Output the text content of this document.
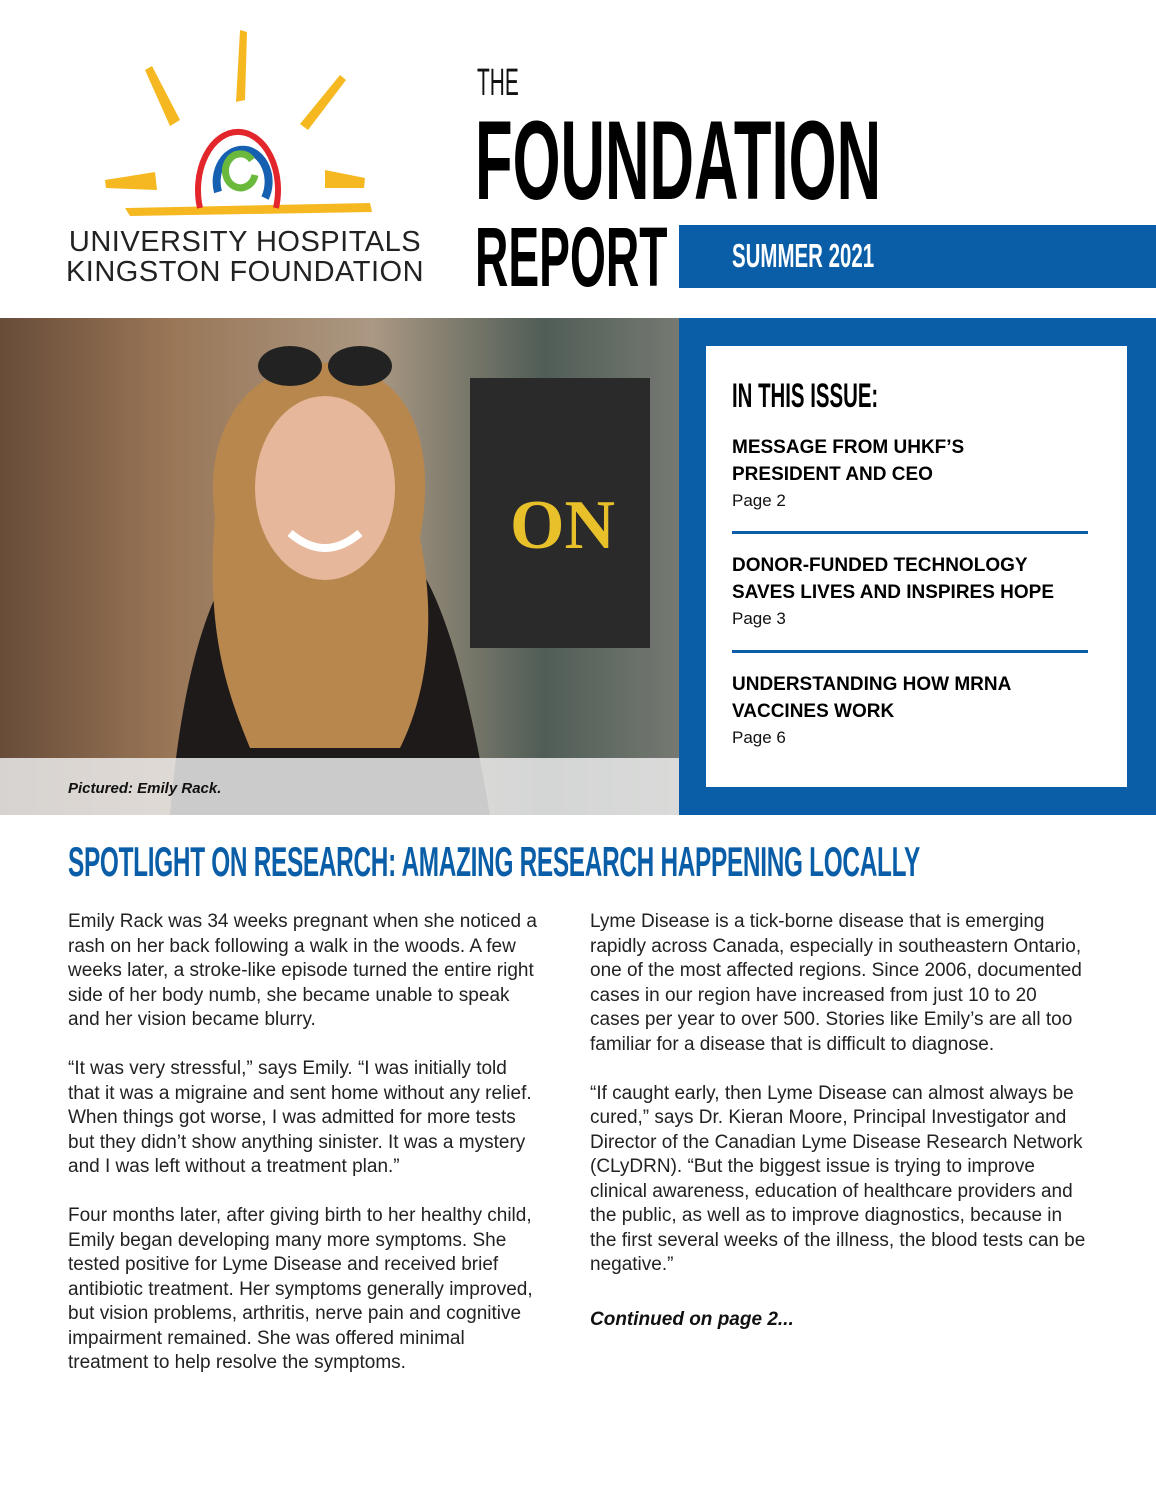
UNIVERSITY HOSPITALS
KINGSTON FOUNDATION
THE
FOUNDATION
REPORT SUMMER 2021
ON
Pictured: Emily Rack.
IN THIS ISSUE:
MESSAGE FROM UHKF’S
PRESIDENT AND CEO
Page 2
DONOR-FUNDED TECHNOLOGY
SAVES LIVES AND INSPIRES HOPE
Page 3
UNDERSTANDING HOW MRNA
VACCINES WORK
Page 6
SPOTLIGHT ON RESEARCH: AMAZING RESEARCH HAPPENING LOCALLY

Emily Rack was 34 weeks pregnant when she noticed a rash on her back following a walk in the woods. A few weeks later, a stroke-like episode turned the entire right side of her body numb, she became unable to speak and her vision became blurry.

“It was very stressful,” says Emily. “I was initially told that it was a migraine and sent home without any relief. When things got worse, I was admitted for more tests but they didn’t show anything sinister. It was a mystery and I was left without a treatment plan.”

Four months later, after giving birth to her healthy child, Emily began developing many more symptoms. She tested positive for Lyme Disease and received brief antibiotic treatment. Her symptoms generally improved, but vision problems, arthritis, nerve pain and cognitive impairment remained. She was offered minimal treatment to help resolve the symptoms.

Lyme Disease is a tick-borne disease that is emerging rapidly across Canada, especially in southeastern Ontario, one of the most affected regions. Since 2006, documented cases in our region have increased from just 10 to 20 cases per year to over 500. Stories like Emily’s are all too familiar for a disease that is difficult to diagnose.

“If caught early, then Lyme Disease can almost always be cured,” says Dr. Kieran Moore, Principal Investigator and Director of the Canadian Lyme Disease Research Network (CLyDRN). “But the biggest issue is trying to improve clinical awareness, education of healthcare providers and the public, as well as to improve diagnostics, because in the first several weeks of the illness, the blood tests can be negative.”

Continued on page 2...
